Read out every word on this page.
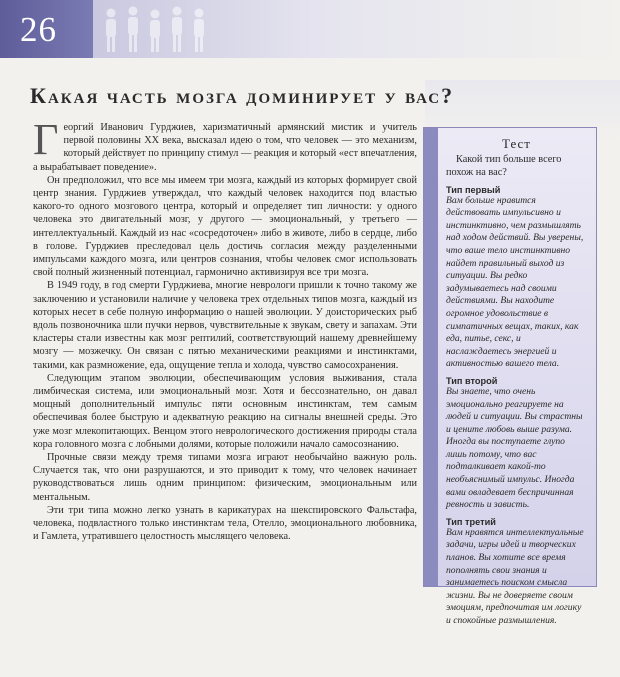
26
Какая часть мозга доминирует у вас?

Георгий Иванович Гурджиев, харизматичный армянский мистик и учитель первой половины XX века, высказал идею о том, что человек — это механизм, который действует по принципу стимул — реакция и который «ест впечатления, а вырабатывает поведение».

Он предположил, что все мы имеем три мозга, каждый из которых формирует свой центр знания. Гурджиев утверждал, что каждый человек находится под властью какого-то одного мозгового центра, который и определяет тип личности: у одного человека это двигательный мозг, у другого — эмоциональный, у третьего — интеллектуальный. Каждый из нас «сосредоточен» либо в животе, либо в сердце, либо в голове. Гурджиев преследовал цель достичь согласия между разделенными импульсами каждого мозга, или центров сознания, чтобы человек смог использовать свой полный жизненный потенциал, гармонично активизируя все три мозга.

В 1949 году, в год смерти Гурджиева, многие неврологи пришли к точно такому же заключению и установили наличие у человека трех отдельных типов мозга, каждый из которых несет в себе полную информацию о нашей эволюции. У доисторических рыб вдоль позвоночника шли пучки нервов, чувствительные к звукам, свету и запахам. Эти кластеры стали известны как мозг рептилий, соответствующий нашему древнейшему мозгу — мозжечку. Он связан с пятью механическими реакциями и инстинктами, такими, как размножение, еда, ощущение тепла и холода, чувство самосохранения.

Следующим этапом эволюции, обеспечивающим условия выживания, стала лимбическая система, или эмоциональный мозг. Хотя и бессознательно, он давал мощный дополнительный импульс пяти основным инстинктам, тем самым обеспечивая более быструю и адекватную реакцию на сигналы внешней среды. Это уже мозг млекопитающих. Венцом этого неврологического достижения природы стала кора головного мозга с лобными долями, которые положили начало самосознанию.

Прочные связи между тремя типами мозга играют необычайно важную роль. Случается так, что они разрушаются, и это приводит к тому, что человек начинает руководствоваться лишь одним принципом: физическим, эмоциональным или ментальным.

Эти три типа можно легко узнать в карикатурах на шекспировского Фальстафа, человека, подвластного только инстинктам тела, Отелло, эмоционального любовника, и Гамлета, утратившего целостность мыслящего человека.

Тест
Какой тип больше всего похож на вас?
Тип первый
Вам больше нравится действовать импульсивно и инстинктивно, чем размышлять над ходом действий. Вы уверены, что ваше тело инстинктивно найдет правильный выход из ситуации. Вы редко задумываетесь над своими действиями. Вы находите огромное удовольствие в симпатичных вещах, таких, как еда, питье, секс, и наслаждаетесь энергией и активностью вашего тела.
Тип второй
Вы знаете, что очень эмоционально реагируете на людей и ситуации. Вы страстны и цените любовь выше разума. Иногда вы поступаете глупо лишь потому, что вас подталкивает какой-то необъяснимый импульс. Иногда вами овладевает беспричинная ревность и зависть.
Тип третий
Вам нравятся интеллектуальные задачи, игры идей и творческих планов. Вы хотите все время пополнять свои знания и занимаетесь поиском смысла жизни. Вы не доверяете своим эмоциям, предпочитая им логику и спокойные размышления.
